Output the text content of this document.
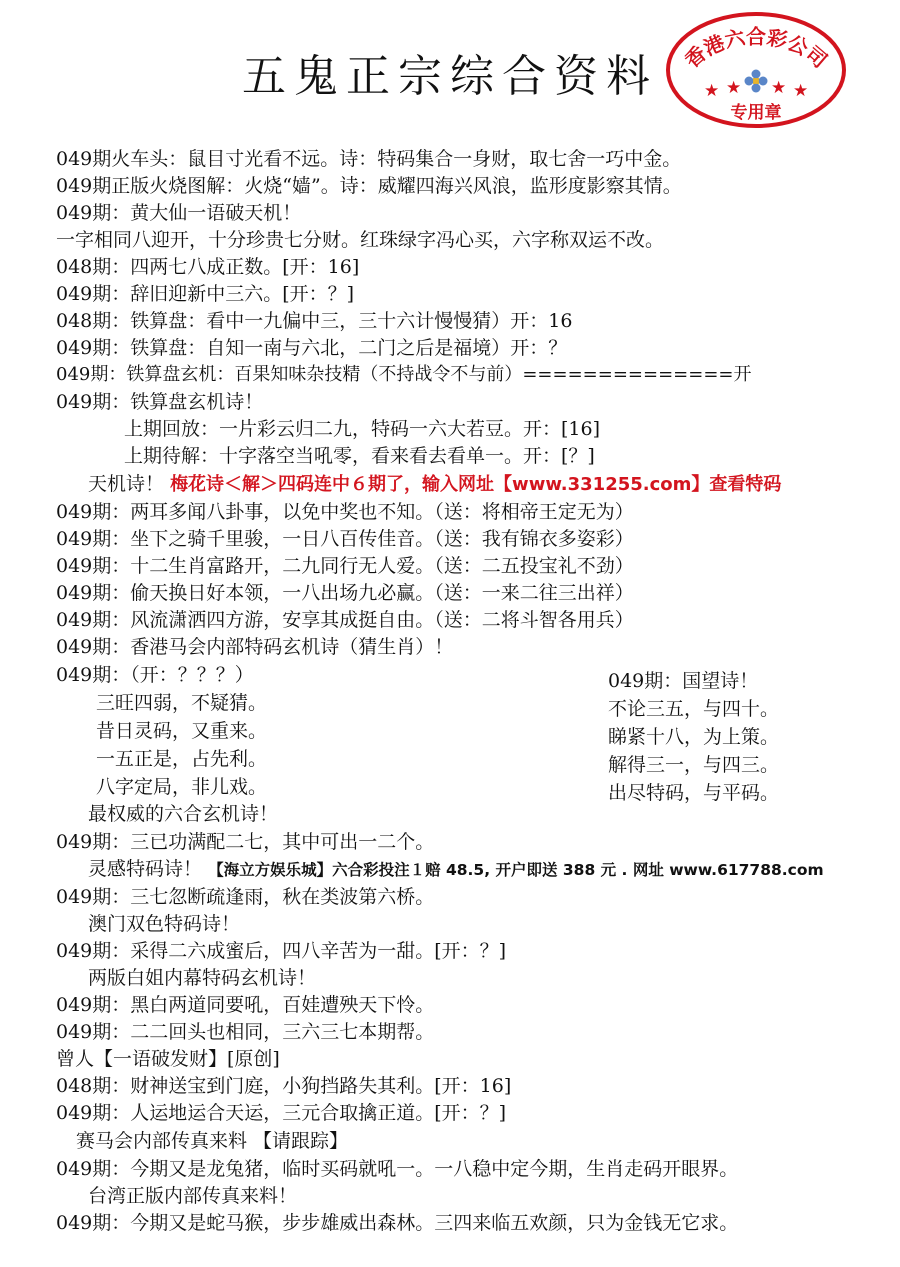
五鬼正宗综合资料	香港六合彩公司
★ ★ ★ ★
专用章
049期火车头：鼠目寸光看不远。诗：特码集合一身财，取七舍一巧中金。
049期正版火烧图解：火烧“嫱”。诗：威耀四海兴风浪，监形度影察其情。
049期：黄大仙一语破天机！
一字相同八迎开，十分珍贵七分财。红珠绿字冯心买，六字称双运不改。
048期：四两七八成正数。[开：16]
049期：辞旧迎新中三六。[开：？]
048期：铁算盘：看中一九偏中三，三十六计慢慢猜）开：16
049期：铁算盘：自知一南与六北，二门之后是福境）开：？
049期：铁算盘玄机：百果知味杂技精（不持战令不与前）==============开
049期：铁算盘玄机诗！
上期回放：一片彩云归二九，特码一六大若豆。开：[16]
上期待解：十字落空当吼零，看来看去看单一。开：[？]
天机诗！ 梅花诗＜解＞四码连中６期了，输入网址【www.331255.com】查看特码
049期：两耳多闻八卦事，以免中奖也不知。（送：将相帝王定无为）
049期：坐下之骑千里骏，一日八百传佳音。（送：我有锦衣多姿彩）
049期：十二生肖富路开，二九同行无人爱。（送：二五投宝礼不劲）
049期：偷天换日好本领，一八出场九必赢。（送：一来二往三出祥）
049期：风流潇洒四方游，安享其成挺自由。（送：二将斗智各用兵）
049期：香港马会内部特码玄机诗（猜生肖）！
049期：（开：？？？）
三旺四弱，不疑猜。
昔日灵码，又重来。
一五正是，占先利。
八字定局，非儿戏。
049期：国望诗！
不论三五，与四十。
睇紧十八，为上策。
解得三一，与四三。
出尽特码，与平码。
最权威的六合玄机诗！
049期：三已功满配二七，其中可出一二个。
灵感特码诗！ 【海立方娱乐城】六合彩投注１赔 48.5, 开户即送 388 元 . 网址 www.617788.com
049期：三七忽断疏逢雨，秋在类波第六桥。
澳门双色特码诗！
049期：采得二六成蜜后，四八辛苦为一甜。[开：？]
两版白姐内幕特码玄机诗！
049期：黑白两道同要吼，百娃遭殃天下怜。
049期：二二回头也相同，三六三七本期帮。
曾人【一语破发财】[原创]
048期：财神送宝到门庭，小狗挡路失其利。[开：16]
049期：人运地运合天运，三元合取擒正道。[开：？]
赛马会内部传真来料 【请跟踪】
049期：今期又是龙兔猪，临时买码就吼一。一八稳中定今期，生肖走码开眼界。
台湾正版内部传真来料！
049期：今期又是蛇马猴，步步雄威出森林。三四来临五欢颜，只为金钱无它求。
